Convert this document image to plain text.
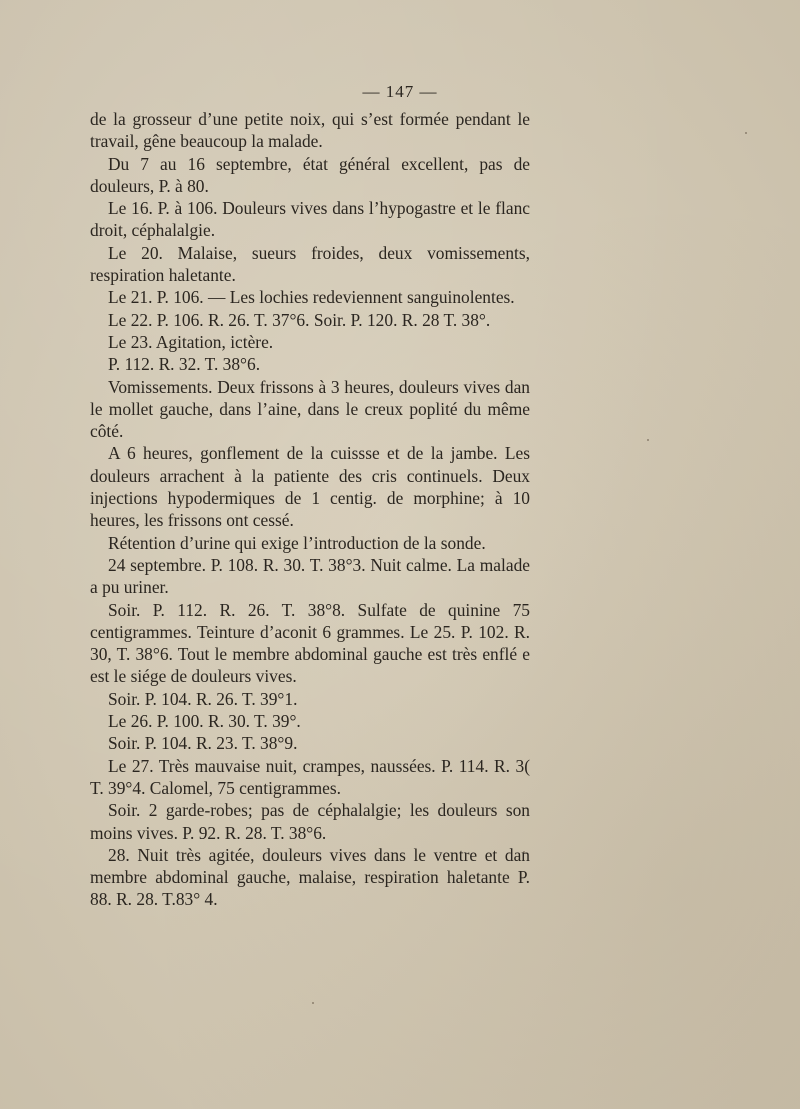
— 147 —

de la grosseur d’une petite noix, qui s’est formée pendant le travail, gêne beaucoup la malade.

Du 7 au 16 septembre, état général excellent, pas de douleurs, P. à 80.

Le 16. P. à 106. Douleurs vives dans l’hypogastre et le flanc droit, céphalalgie.

Le 20. Malaise, sueurs froides, deux vomissements, respiration haletante.

Le 21. P. 106. — Les lochies redeviennent sanguinolentes.

Le 22. P. 106. R. 26. T. 37°6. Soir. P. 120. R. 28 T. 38°.

Le 23. Agitation, ictère.

P. 112. R. 32. T. 38°6.

Vomissements. Deux frissons à 3 heures, douleurs vives dan le mollet gauche, dans l’aine, dans le creux poplité du même côté.

A 6 heures, gonflement de la cuissse et de la jambe. Les douleurs arrachent à la patiente des cris continuels. Deux injections hypodermiques de 1 centig. de morphine; à 10 heures, les frissons ont cessé.

Rétention d’urine qui exige l’introduction de la sonde.

24 septembre. P. 108. R. 30. T. 38°3. Nuit calme. La malade a pu uriner.

Soir. P. 112. R. 26. T. 38°8. Sulfate de quinine 75 centigrammes. Teinture d’aconit 6 grammes. Le 25. P. 102. R. 30, T. 38°6. Tout le membre abdominal gauche est très enflé e est le siége de douleurs vives.

Soir. P. 104. R. 26. T. 39°1.

Le 26. P. 100. R. 30. T. 39°.

Soir. P. 104. R. 23. T. 38°9.

Le 27. Très mauvaise nuit, crampes, naussées. P. 114. R. 3( T. 39°4. Calomel, 75 centigrammes.

Soir. 2 garde-robes; pas de céphalalgie; les douleurs son moins vives. P. 92. R. 28. T. 38°6.

28. Nuit très agitée, douleurs vives dans le ventre et dan membre abdominal gauche, malaise, respiration haletante P. 88. R. 28. T.83° 4.
